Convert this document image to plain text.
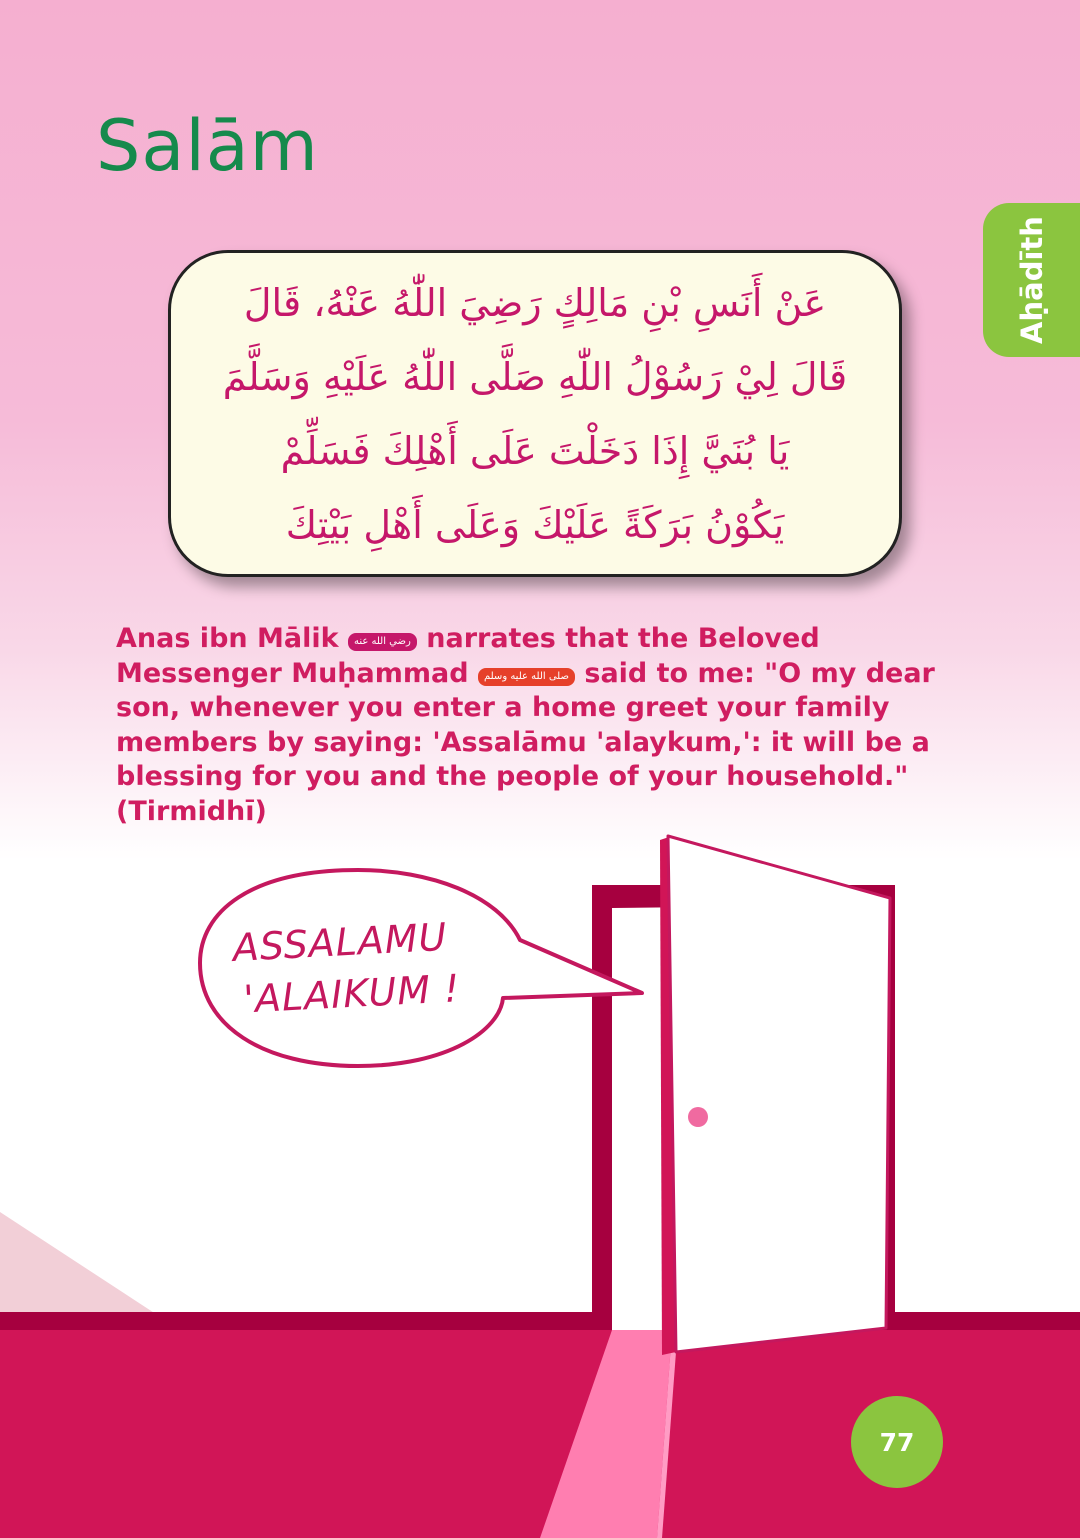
ASSALAMU
'ALAIKUM !
Salām
Aḥādīth
عَنْ أَنَسِ بْنِ مَالِكٍ رَضِيَ اللّٰهُ عَنْهُ، قَالَ
قَالَ لِيْ رَسُوْلُ اللّٰهِ صَلَّى اللّٰهُ عَلَيْهِ وَسَلَّمَ
يَا بُنَيَّ إِذَا دَخَلْتَ عَلَى أَهْلِكَ فَسَلِّمْ
يَكُوْنُ بَرَكَةً عَلَيْكَ وَعَلَى أَهْلِ بَيْتِكَ
Anas ibn Mālik رضي الله عنه narrates that the Beloved Messenger Muḥammad صلى الله عليه وسلم said to me: "O my dear son, whenever you enter a home greet your family members by saying: 'Assalāmu 'alaykum,': it will be a blessing for you and the people of your household." (Tirmidhī)
77
